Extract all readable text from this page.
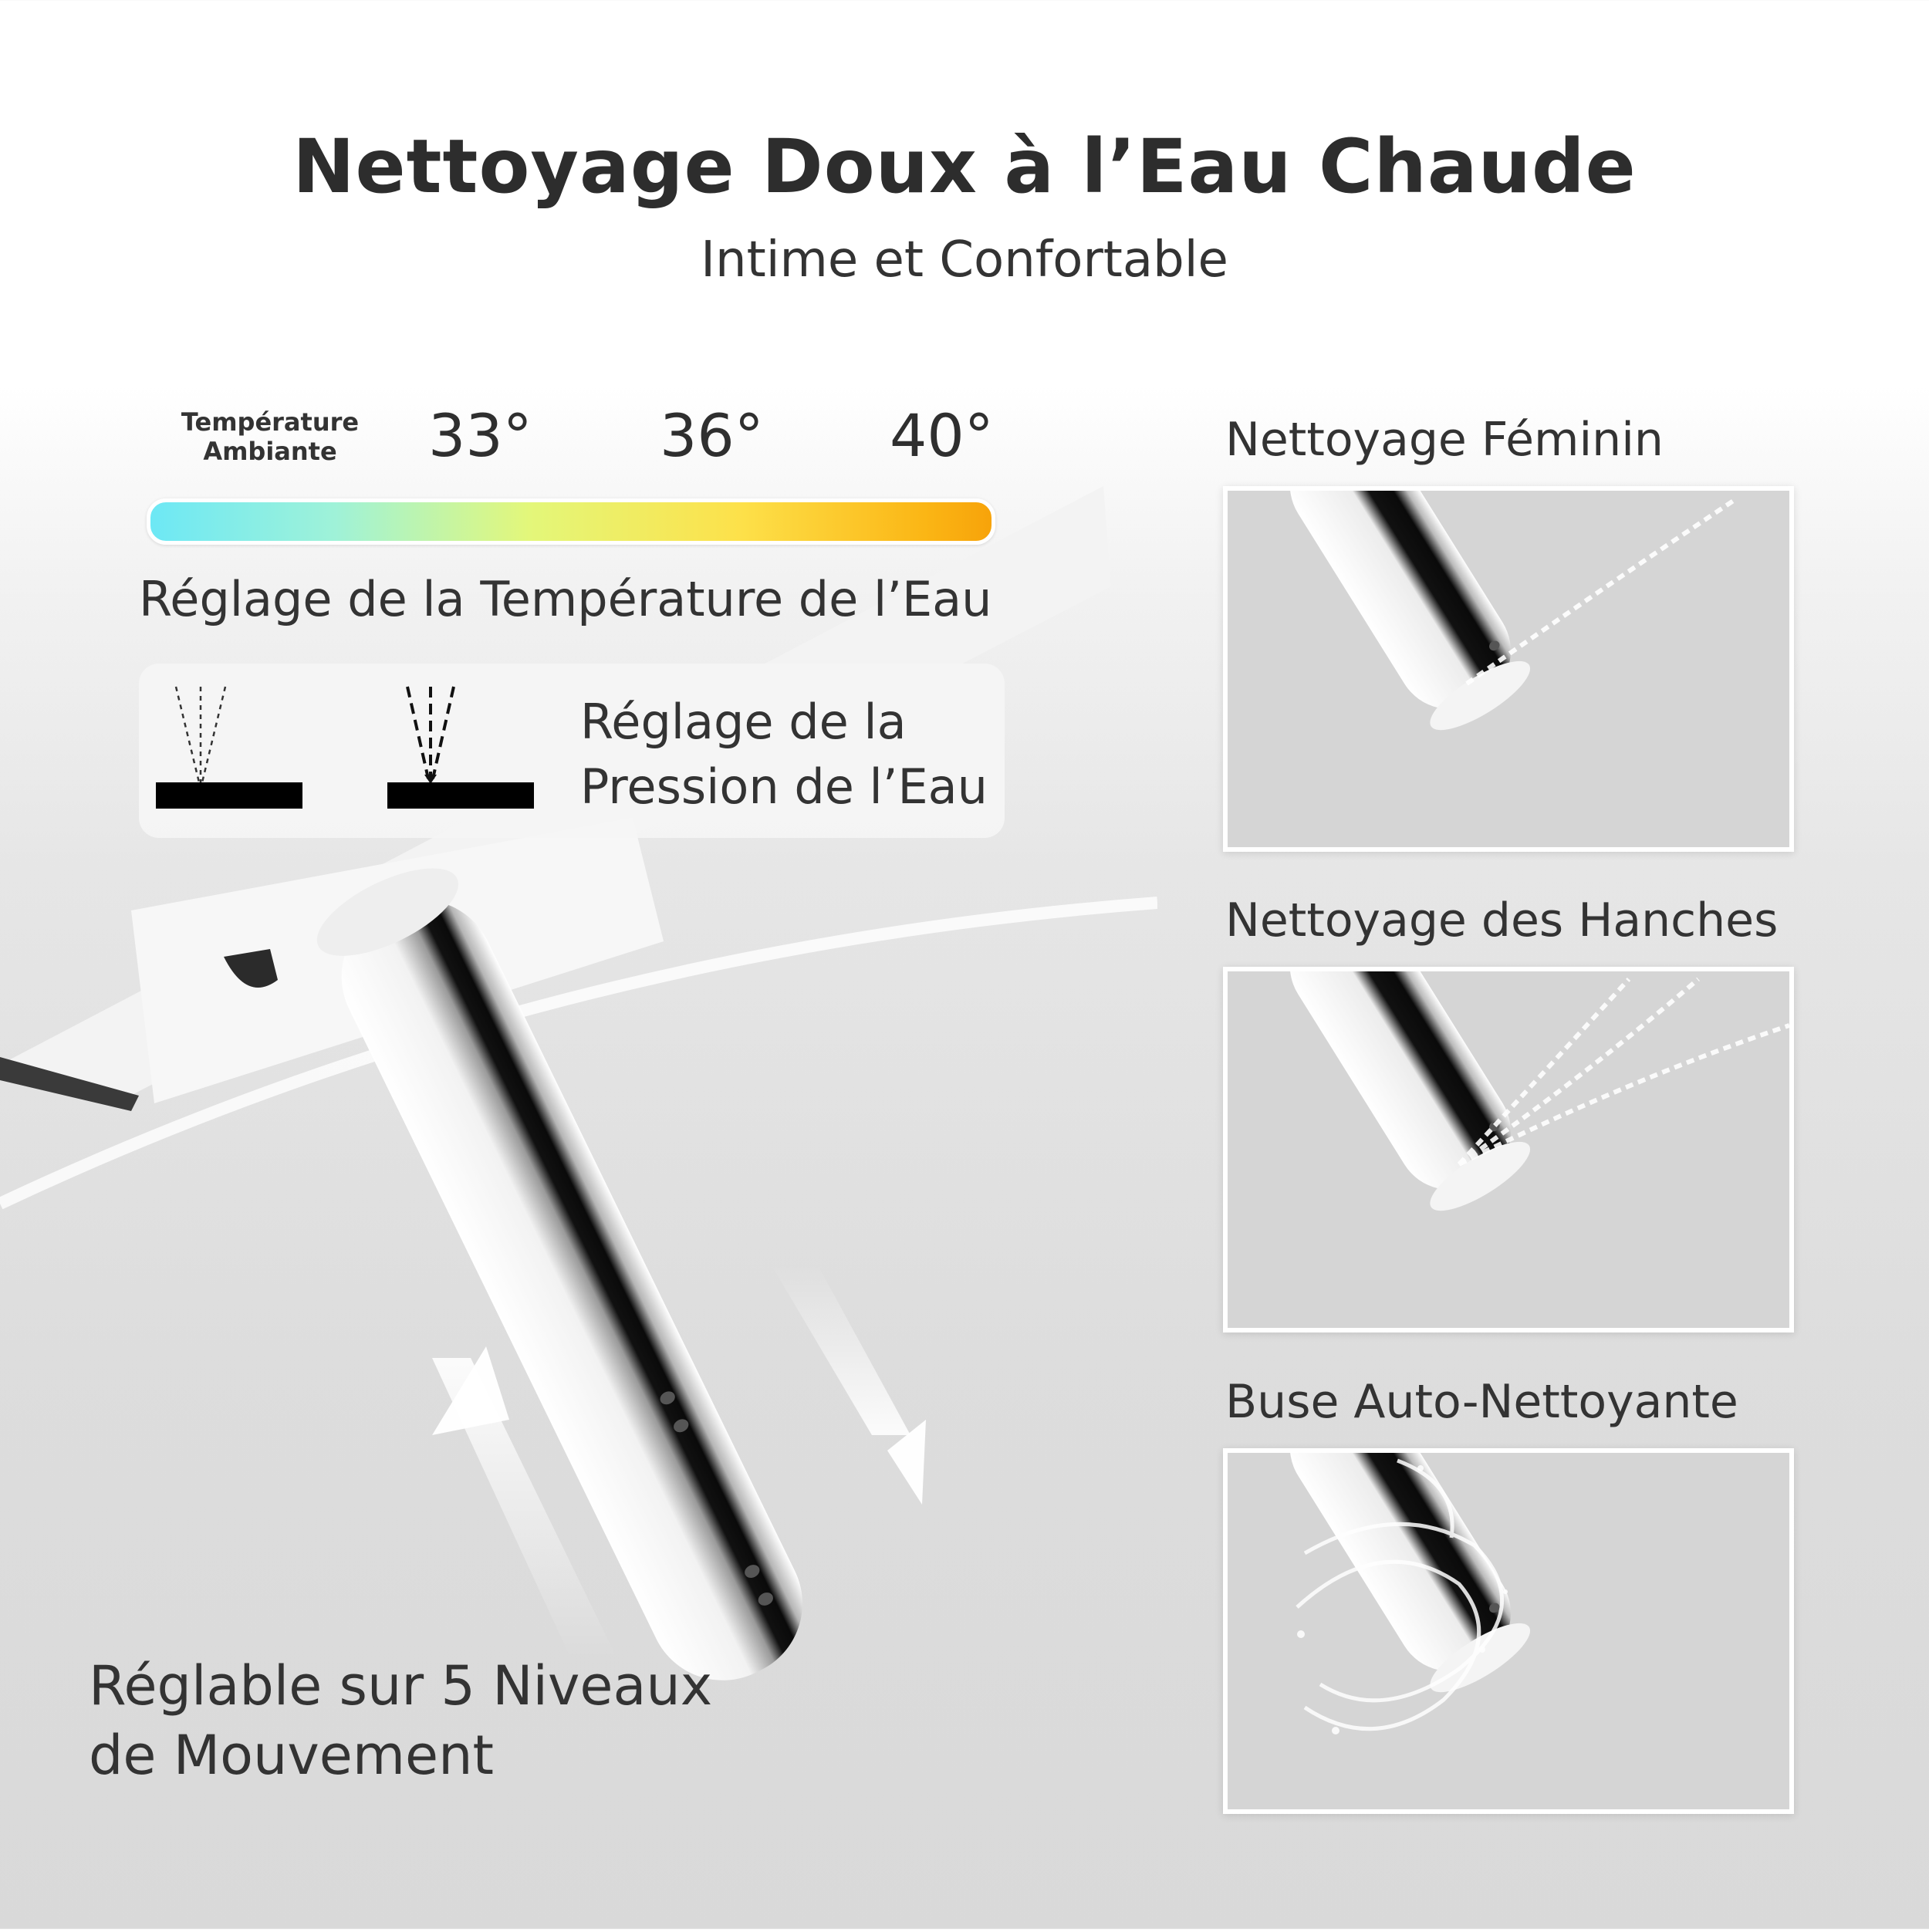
Nettoyage Doux à l’Eau Chaude
Intime et Confortable
Température
Ambiante	33° 36° 40°
Réglage de la Température de l’Eau
Réglage de la
Pression de l’Eau
Réglable sur 5 Niveaux
de Mouvement
Nettoyage Féminin
Nettoyage des Hanches
Buse Auto-Nettoyante
